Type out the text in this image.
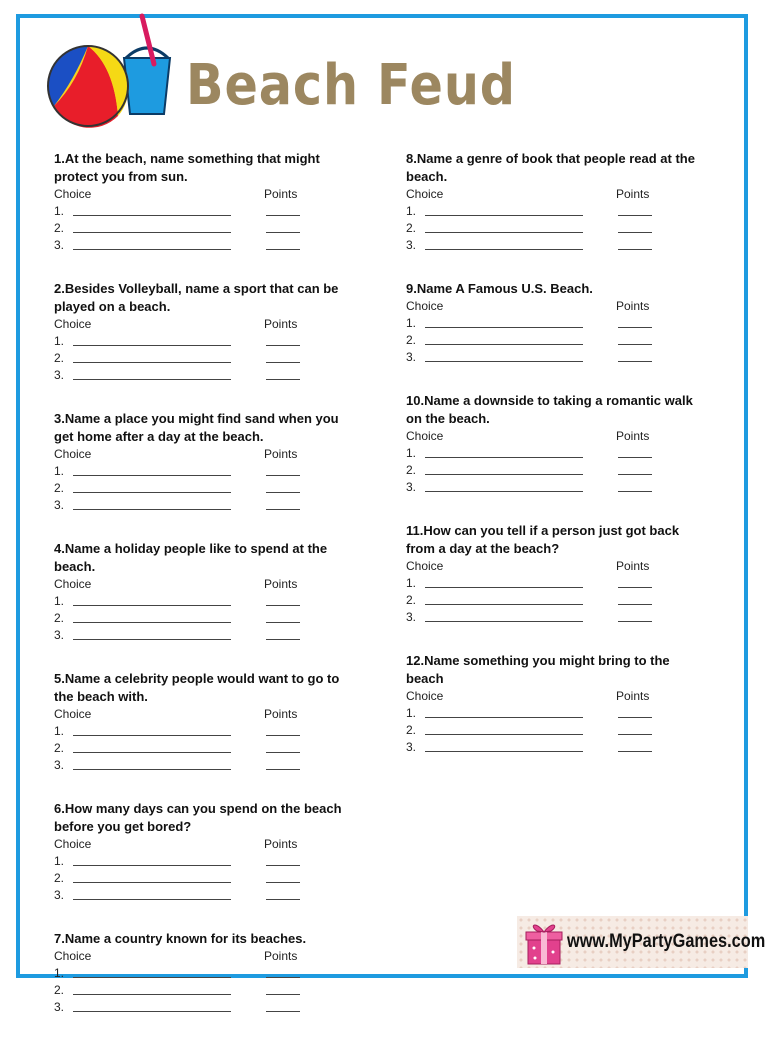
Beach Feud
1.At the beach, name something that might protect you from sun.
Choice	Points
1.
2.
3.
2.Besides Volleyball, name a sport that can be played on a beach.
Choice	Points
1.
2.
3.
3.Name a place you might find sand when you get home after a day at the beach.
Choice	Points
1.
2.
3.
4.Name a holiday people like to spend at the beach.
Choice	Points
1.
2.
3.
5.Name a celebrity people would want to go to the beach with.
Choice	Points
1.
2.
3.
6.How many days can you spend on the beach before you get bored?
Choice	Points
1.
2.
3.
7.Name a country known for its beaches.
Choice	Points
1.
2.
3.
8.Name a genre of book that people read at the beach.
Choice	Points
1.
2.
3.
9.Name A Famous U.S. Beach.
Choice	Points
1.
2.
3.
10.Name a downside to taking a romantic walk on the beach.
Choice	Points
1.
2.
3.
11.How can you tell if a person just got back from a day at the beach?
Choice	Points
1.
2.
3.
12.Name something you might bring to the beach
Choice	Points
1.
2.
3.
www.MyPartyGames.com
